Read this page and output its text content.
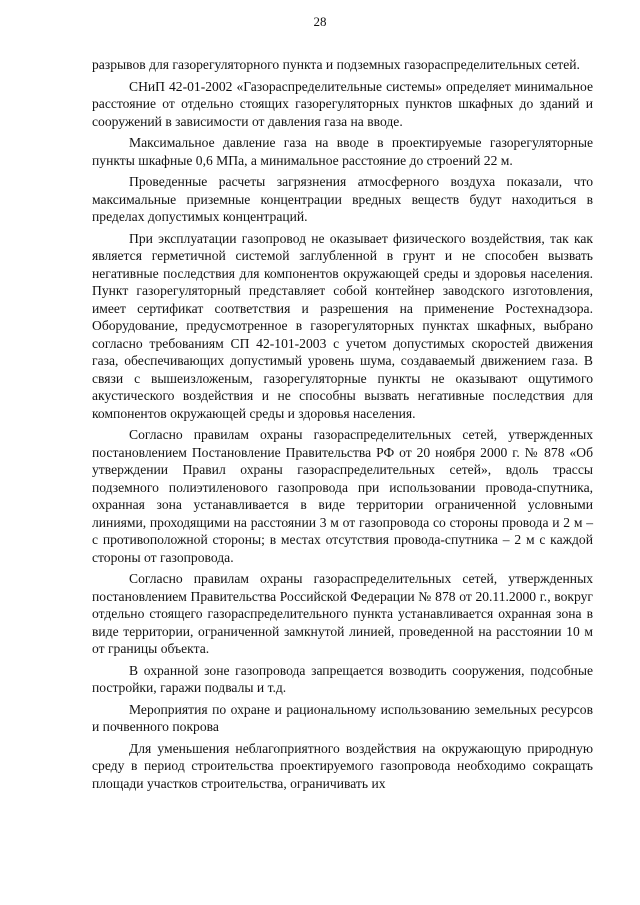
28

разрывов для газорегуляторного пункта и подземных газораспределительных сетей.

СНиП 42-01-2002 «Газораспределительные системы» определяет минимальное расстояние от отдельно стоящих газорегуляторных пунктов шкафных до зданий и сооружений в зависимости от давления газа на вводе.

Максимальное давление газа на вводе в проектируемые газорегуляторные пункты шкафные 0,6 МПа, а минимальное расстояние до строений 22 м.

Проведенные расчеты загрязнения атмосферного воздуха показали, что максимальные приземные концентрации вредных веществ будут находиться в пределах допустимых концентраций.

При эксплуатации газопровод не оказывает физического воздействия, так как является герметичной системой заглубленной в грунт и не способен вызвать негативные последствия для компонентов окружающей среды и здоровья населения. Пункт газорегуляторный представляет собой контейнер заводского изготовления, имеет сертификат соответствия и разрешения на применение Ростехнадзора. Оборудование, предусмотренное в газорегуляторных пунктах шкафных, выбрано согласно требованиям СП 42-101-2003 с учетом допустимых скоростей движения газа, обеспечивающих допустимый уровень шума, создаваемый движением газа. В связи с вышеизложеным, газорегуляторные пункты не оказывают ощутимого акустического воздействия и не способны вызвать негативные последствия для компонентов окружающей среды и здоровья населения.

Согласно правилам охраны газораспределительных сетей, утвержденных постановлением Постановление Правительства РФ от 20 ноября 2000 г. № 878 «Об утверждении Правил охраны газораспределительных сетей», вдоль трассы подземного полиэтиленового газопровода при использовании провода-спутника, охранная зона устанавливается в виде территории ограниченной условными линиями, проходящими на расстоянии 3 м от газопровода со стороны провода и 2 м – с противоположной стороны; в местах отсутствия провода-спутника – 2 м с каждой стороны от газопровода.

Согласно правилам охраны газораспределительных сетей, утвержденных постановлением Правительства Российской Федерации № 878 от 20.11.2000 г., вокруг отдельно стоящего газораспределительного пункта устанавливается охранная зона в виде территории, ограниченной замкнутой линией, проведенной на расстоянии 10 м от границы объекта.

В охранной зоне газопровода запрещается возводить сооружения, подсобные постройки, гаражи подвалы и т.д.

Мероприятия по охране и рациональному использованию земельных ресурсов и почвенного покрова

Для уменьшения неблагоприятного воздействия на окружающую природную среду в период строительства проектируемого газопровода необходимо сокращать площади участков строительства, ограничивать их
